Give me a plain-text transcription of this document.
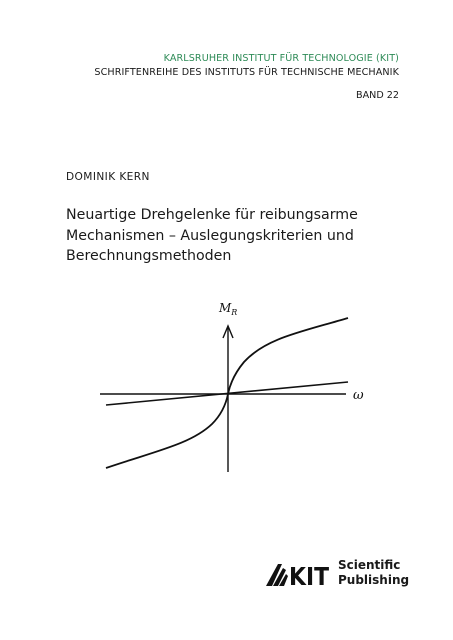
KARLSRUHER INSTITUT FÜR TECHNOLOGIE (KIT)
SCHRIFTENREIHE DES INSTITUTS FÜR TECHNISCHE MECHANIK
BAND 22
DOMINIK KERN
Neuartige Drehgelenke für reibungsarme
Mechanismen – Auslegungskriterien und
Berechnungsmethoden
$M_R$
ω
KIT Scientific
Publishing
